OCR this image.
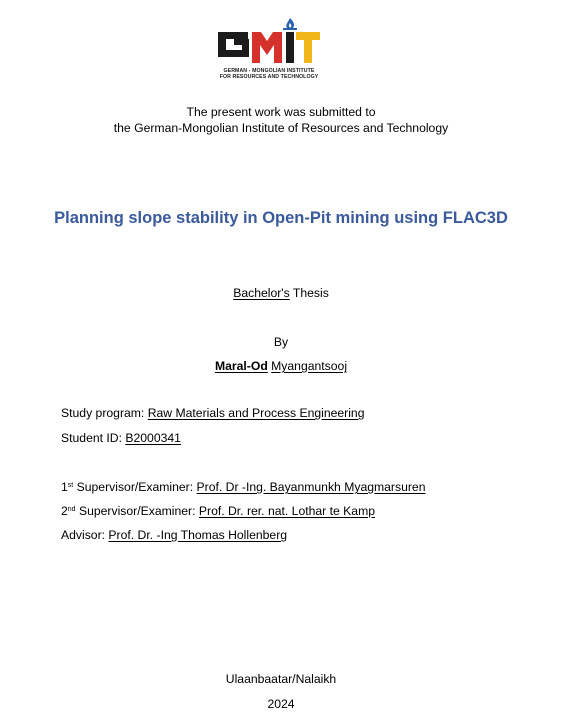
GERMAN - MONGOLIAN INSTITUTE
FOR RESOURCES AND TECHNOLOGY
The present work was submitted to
the German-Mongolian Institute of Resources and Technology
Planning slope stability in Open-Pit mining using FLAC3D
Bachelor's Thesis
By
Maral-Od Myangantsooj
Study program: Raw Materials and Process Engineering
Student ID: B2000341
1st Supervisor/Examiner: Prof. Dr -Ing. Bayanmunkh Myagmarsuren
2nd Supervisor/Examiner: Prof. Dr. rer. nat. Lothar te Kamp
Advisor: Prof. Dr. -Ing Thomas Hollenberg
Ulaanbaatar/Nalaikh
2024
